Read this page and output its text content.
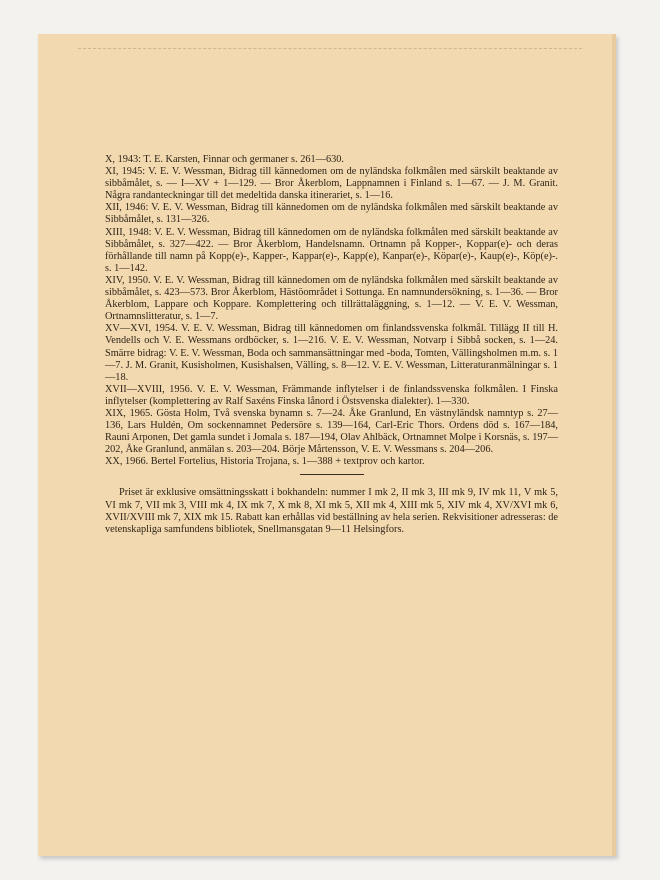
X, 1943: T. E. Karsten, Finnar och germaner s. 261—630.

XI, 1945: V. E. V. Wessman, Bidrag till kännedomen om de nyländska folkmålen med särskilt beaktande av sibbåmålet, s. — I—XV + 1—129. — Bror Åkerblom, Lappnamnen i Finland s. 1—67. — J. M. Granit. Några randanteckningar till det medeltida danska itinerariet, s. 1—16.

XII, 1946: V. E. V. Wessman, Bidrag till kännedomen om de nyländska folkmålen med särskilt beaktande av Sibbåmålet, s. 131—326.

XIII, 1948: V. E. V. Wessman, Bidrag till kännedomen om de nyländska folkmålen med särskilt beaktande av Sibbåmålet, s. 327—422. — Bror Åkerblom, Handelsnamn. Ortnamn på Kopper-, Koppar(e)- och deras förhållande till namn på Kopp(e)-, Kapper-, Kappar(e)-, Kapp(e), Kanpar(e)-, Köpar(e)-, Kaup(e)-, Köp(e)-. s. 1—142.

XIV, 1950. V. E. V. Wessman, Bidrag till kännedomen om de nyländska folkmålen med särskilt beaktande av sibbåmålet, s. 423—573. Bror Åkerblom, Hästöområdet i Sottunga. En namnundersökning, s. 1—36. — Bror Åkerblom, Lappare och Koppare. Komplettering och tillrättaläggning, s. 1—12. — V. E. V. Wessman, Ortnamnslitteratur, s. 1—7.

XV—XVI, 1954. V. E. V. Wessman, Bidrag till kännedomen om finlandssvenska folkmål. Tillägg II till H. Vendells och V. E. Wessmans ordböcker, s. 1—216. V. E. V. Wessman, Notvarp i Sibbå socken, s. 1—24. Smärre bidrag: V. E. V. Wessman, Boda och sammansättningar med -boda, Tomten, Vällingsholmen m.m. s. 1—7. J. M. Granit, Kusisholmen, Kusishalsen, Välling, s. 8—12. V. E. V. Wessman, Litteraturanmälningar s. 1—18.

XVII—XVIII, 1956. V. E. V. Wessman, Främmande inflytelser i de finlandssvenska folkmålen. I Finska inflytelser (komplettering av Ralf Saxéns Finska lånord i Östsvenska dialekter). 1—330.

XIX, 1965. Gösta Holm, Två svenska bynamn s. 7—24. Åke Granlund, En västnyländsk namntyp s. 27—136, Lars Huldén, Om sockennamnet Pedersöre s. 139—164, Carl-Eric Thors. Ordens död s. 167—184, Rauni Arponen, Det gamla sundet i Jomala s. 187—194, Olav Ahlbäck, Ortnamnet Molpe i Korsnäs, s. 197—202, Åke Granlund, anmälan s. 203—204. Börje Mårtensson, V. E. V. Wessmans s. 204—206.

XX, 1966. Bertel Fortelius, Historia Trojana, s. 1—388 + textprov och kartor.

Priset är exklusive omsättningsskatt i bokhandeln: nummer I mk 2, II mk 3, III mk 9, IV mk 11, V mk 5, VI mk 7, VII mk 3, VIII mk 4, IX mk 7, X mk 8, XI mk 5, XII mk 4, XIII mk 5, XIV mk 4, XV/XVI mk 6, XVII/XVIII mk 7, XIX mk 15. Rabatt kan erhållas vid beställning av hela serien. Rekvisitioner adresseras: de vetenskapliga samfundens bibliotek, Snellmansgatan 9—11 Helsingfors.
